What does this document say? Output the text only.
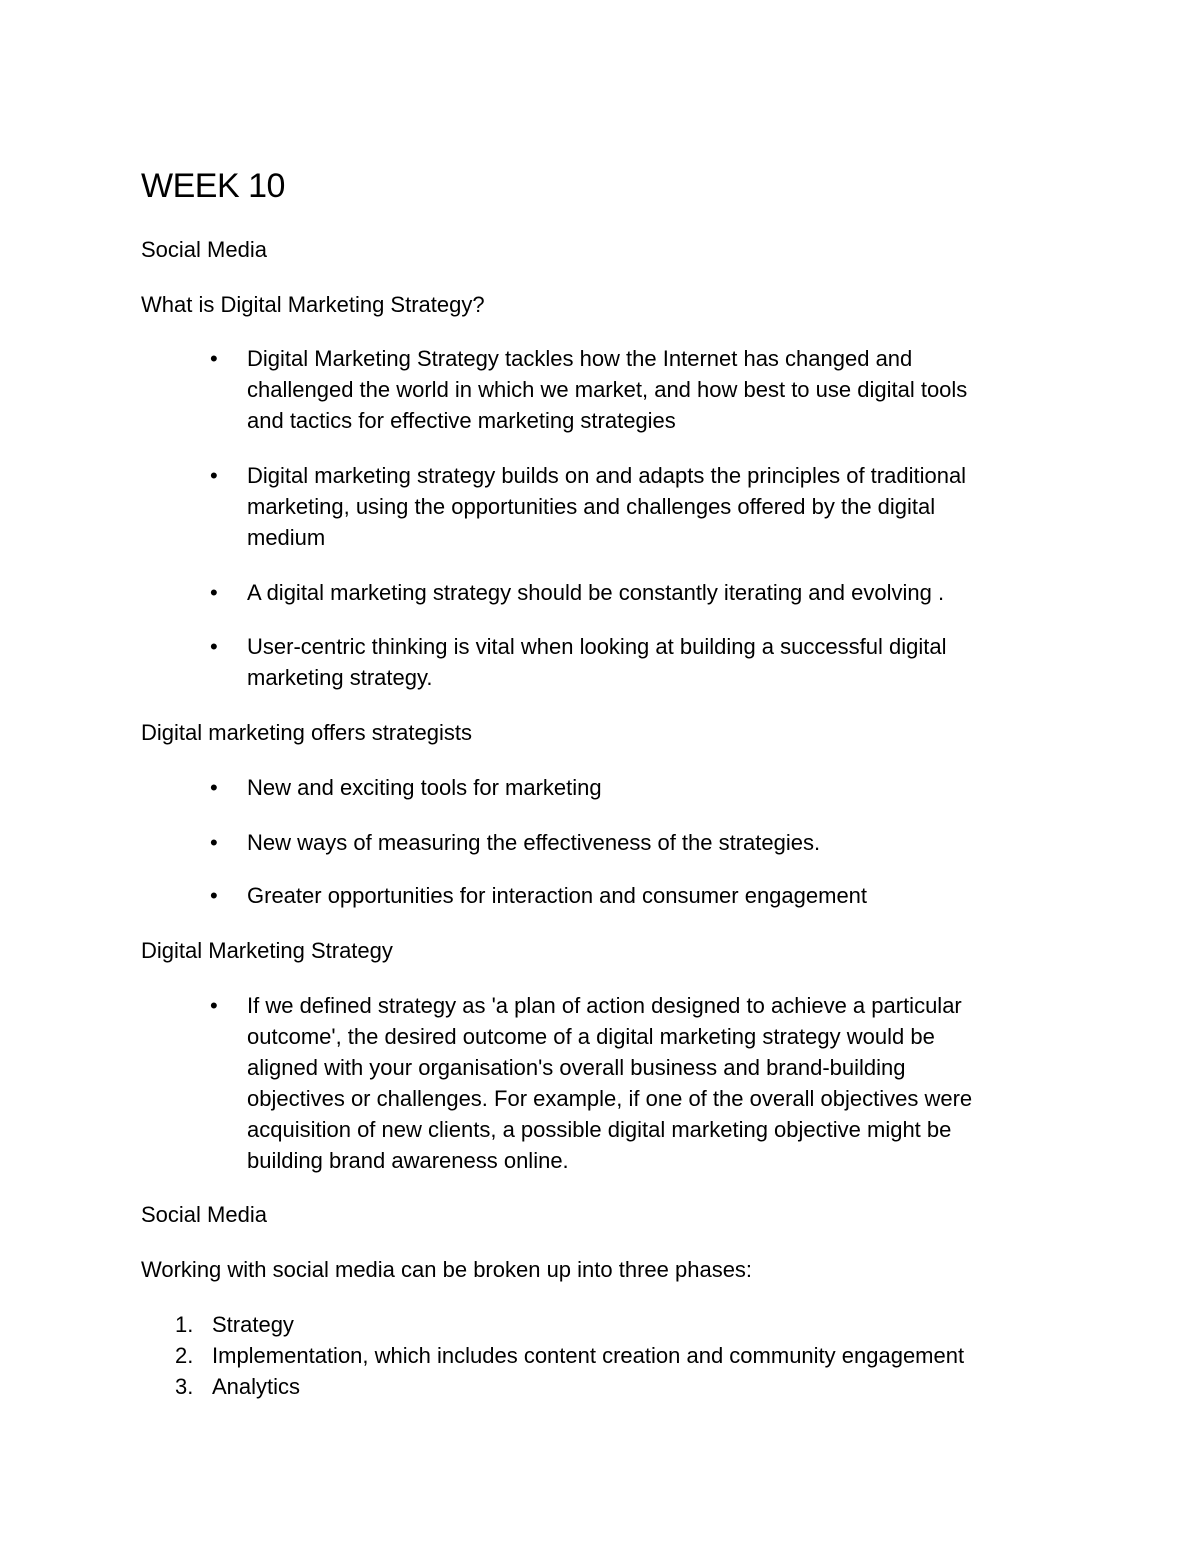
WEEK 10

Social Media

What is Digital Marketing Strategy?

•	Digital Marketing Strategy tackles how the Internet has changed and
challenged the world in which we market, and how best to use digital tools
and tactics for effective marketing strategies
•	Digital marketing strategy builds on and adapts the principles of traditional
marketing, using the opportunities and challenges offered by the digital
medium
•	A digital marketing strategy should be constantly iterating and evolving .
•	User-centric thinking is vital when looking at building a successful digital
marketing strategy.

Digital marketing offers strategists

•	New and exciting tools for marketing
•	New ways of measuring the effectiveness of the strategies.
•	Greater opportunities for interaction and consumer engagement

Digital Marketing Strategy

•	If we defined strategy as 'a plan of action designed to achieve a particular
outcome', the desired outcome of a digital marketing strategy would be
aligned with your organisation's overall business and brand-building
objectives or challenges. For example, if one of the overall objectives were
acquisition of new clients, a possible digital marketing objective might be
building brand awareness online.

Social Media

Working with social media can be broken up into three phases:

1. Strategy
2. Implementation, which includes content creation and community engagement
3. Analytics
